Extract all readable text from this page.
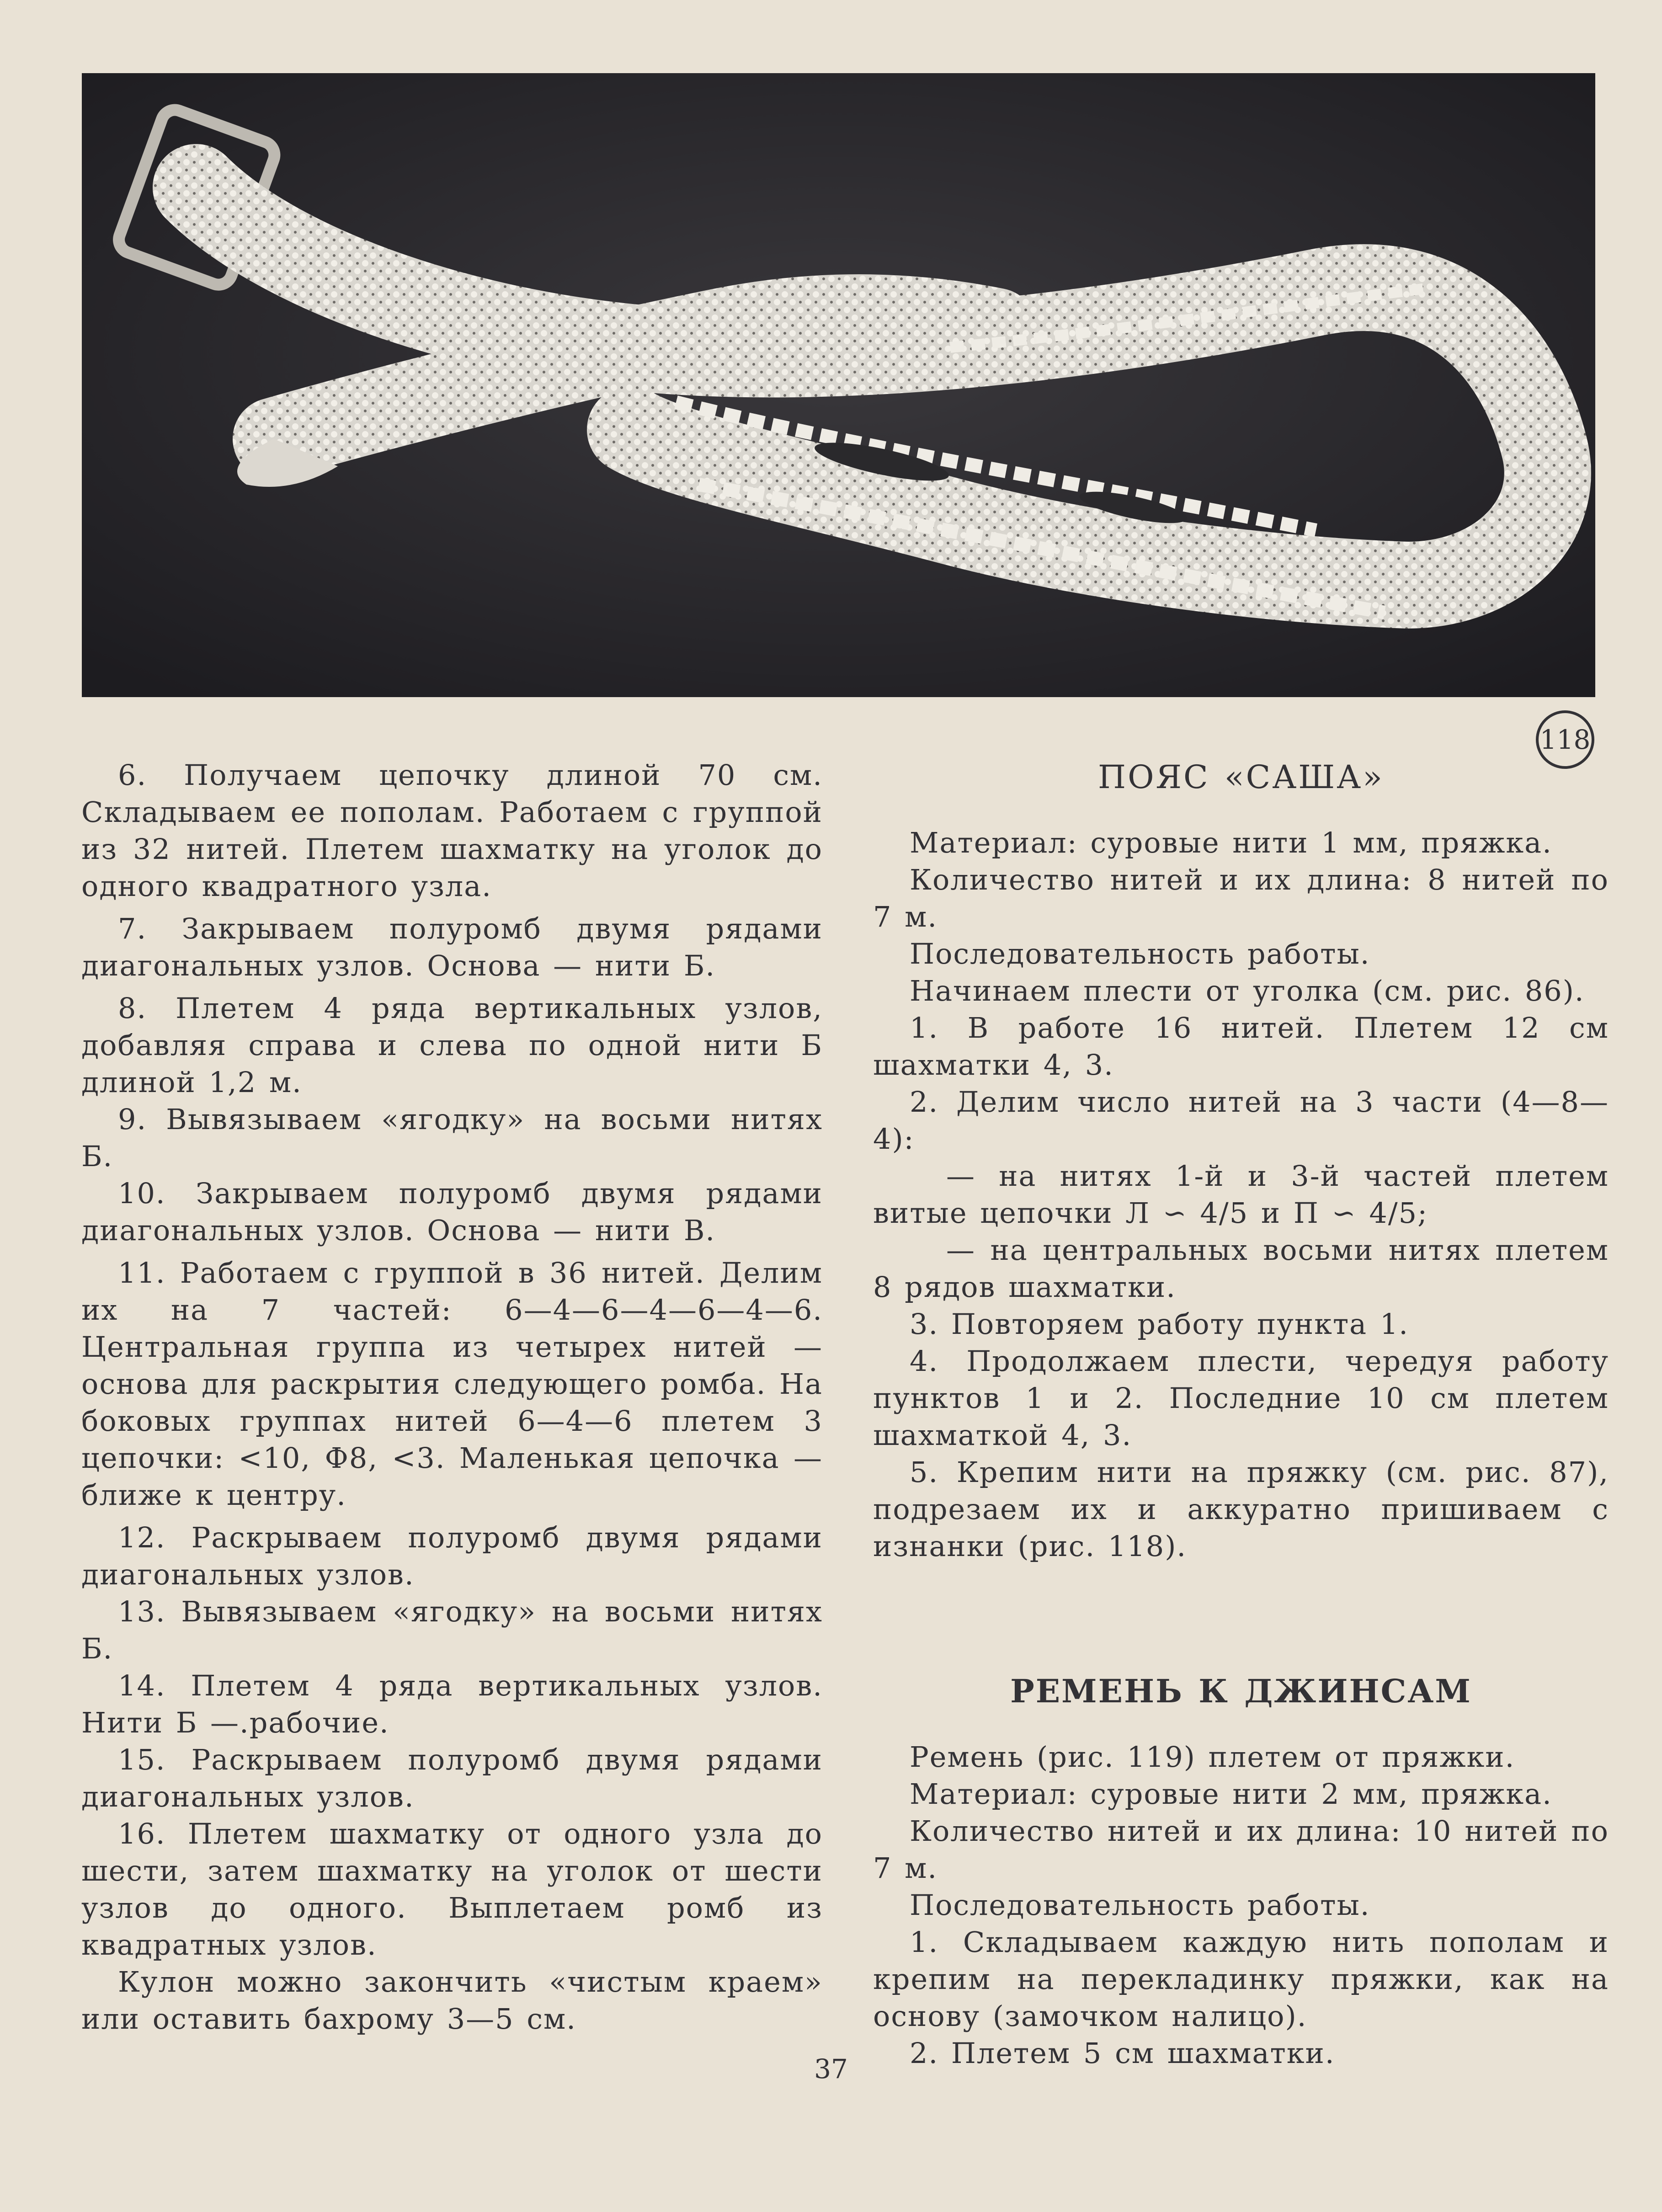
118

6. Получаем цепочку длиной 70 см. Складываем ее пополам. Работаем с группой из 32 нитей. Плетем шахматку на уголок до одного квадратного узла.

7. Закрываем полуромб двумя рядами диагональных узлов. Основа — нити Б.

8. Плетем 4 ряда вертикальных узлов, добавляя справа и слева по одной нити Б длиной 1,2 м.

9. Вывязываем «ягодку» на восьми нитях Б.

10. Закрываем полуромб двумя рядами диагональных узлов. Основа — нити В.

11. Работаем с группой в 36 нитей. Делим их на 7 частей: 6—4—6—4—6—4—6. Центральная группа из четырех нитей — основа для раскрытия следующего ромба. На боковых группах нитей 6—4—6 плетем 3 цепочки: <10, Ф8, <3. Маленькая цепочка — ближе к центру.

12. Раскрываем полуромб двумя рядами диагональных узлов.

13. Вывязываем «ягодку» на восьми нитях Б.

14. Плетем 4 ряда вертикальных узлов. Нити Б —.рабочие.

15. Раскрываем полуромб двумя рядами диагональных узлов.

16. Плетем шахматку от одного узла до шести, затем шахматку на уголок от шести узлов до одного. Выплетаем ромб из квадратных узлов.

Кулон можно закончить «чистым краем» или оставить бахрому 3—5 см.

ПОЯС «САША»

Материал: суровые нити 1 мм, пряжка.

Количество нитей и их длина: 8 нитей по 7 м.

Последовательность работы.

Начинаем плести от уголка (см. рис. 86).

1. В работе 16 нитей. Плетем 12 см шахматки 4, 3.

2. Делим число нитей на 3 части (4—8—4):

— на нитях 1-й и 3-й частей плетем витые цепочки Л ∽ 4/5 и П ∽ 4/5;

— на центральных восьми нитях плетем 8 рядов шахматки.

3. Повторяем работу пункта 1.

4. Продолжаем плести, чередуя работу пунктов 1 и 2. Последние 10 см плетем шахматкой 4, 3.

5. Крепим нити на пряжку (см. рис. 87), подрезаем их и аккуратно пришиваем с изнанки (рис. 118).

РЕМЕНЬ К ДЖИНСАМ

Ремень (рис. 119) плетем от пряжки.

Материал: суровые нити 2 мм, пряжка.

Количество нитей и их длина: 10 нитей по 7 м.

Последовательность работы.

1. Складываем каждую нить пополам и крепим на перекладинку пряжки, как на основу (замочком налицо).

2. Плетем 5 см шахматки.

37
